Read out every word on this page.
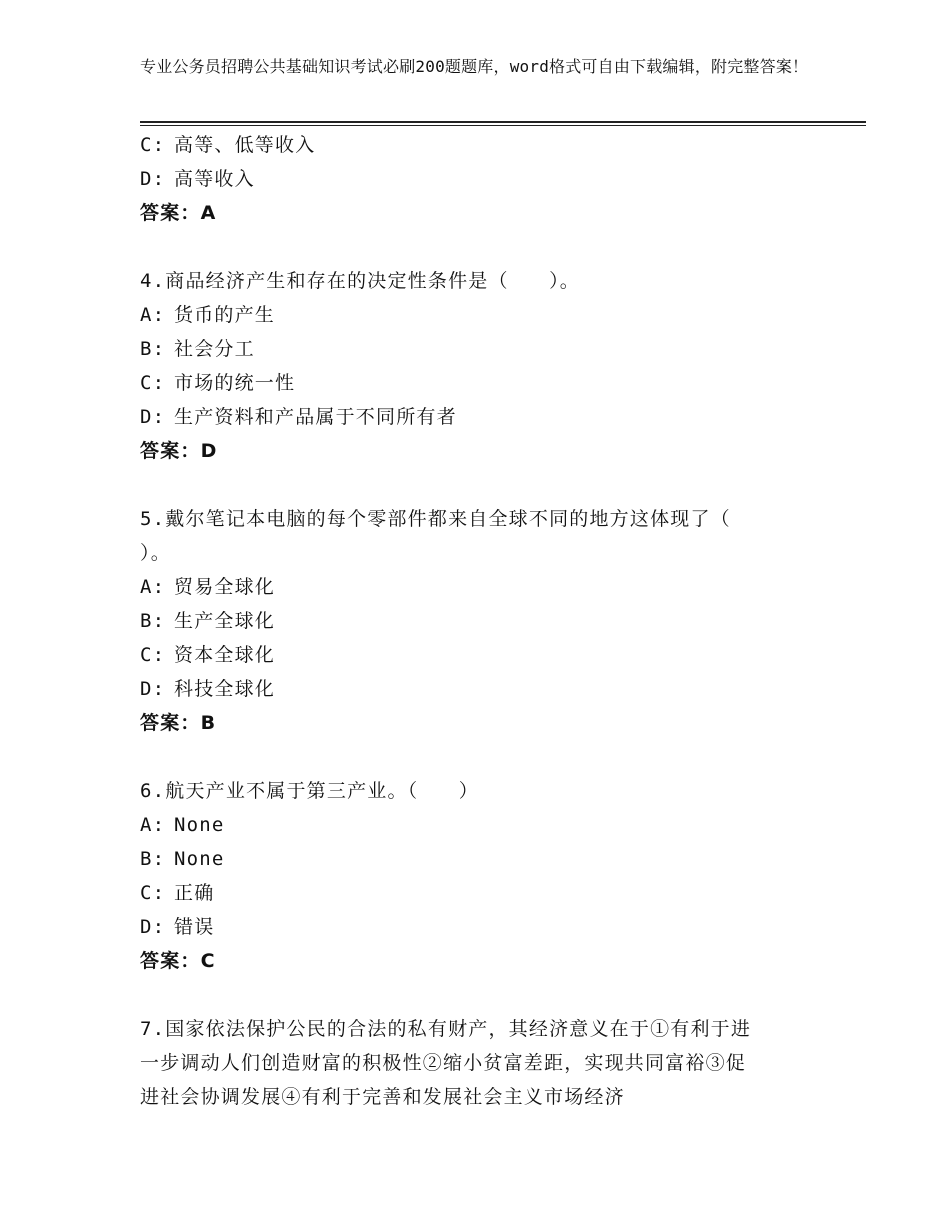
专业公务员招聘公共基础知识考试必刷200题题库，word格式可自由下载编辑，附完整答案！
C: 高等、低等收入
D: 高等收入
答案：A
4.商品经济产生和存在的决定性条件是（　　）。
A: 货币的产生
B: 社会分工
C: 市场的统一性
D: 生产资料和产品属于不同所有者
答案：D
5.戴尔笔记本电脑的每个零部件都来自全球不同的地方这体现了（
）。
A: 贸易全球化
B: 生产全球化
C: 资本全球化
D: 科技全球化
答案：B
6.航天产业不属于第三产业。（　　）
A: None
B: None
C: 正确
D: 错误
答案：C
7.国家依法保护公民的合法的私有财产，其经济意义在于①有利于进
一步调动人们创造财富的积极性②缩小贫富差距，实现共同富裕③促
进社会协调发展④有利于完善和发展社会主义市场经济
